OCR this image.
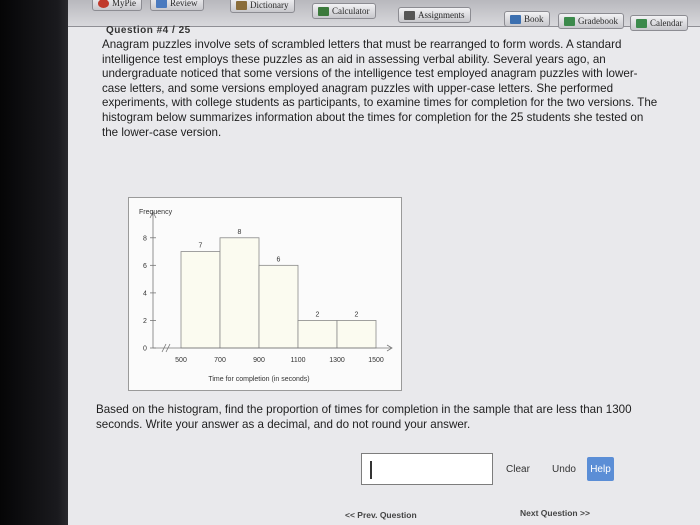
MyPie	Review	Dictionary
Calculator	Assignments	Book	Gradebook	Calendar
Question #4 / 25
Anagram puzzles involve sets of scrambled letters that must be rearranged to form words. A standard intelligence test employs these puzzles as an aid in assessing verbal ability. Several years ago, an undergraduate noticed that some versions of the intelligence test employed anagram puzzles with lower-case letters, and some versions employed anagram puzzles with upper-case letters. She performed experiments, with college students as participants, to examine times for completion for the two versions. The histogram below summarizes information about the times for completion for the 25 students she tested on the lower-case version.
7
8
6
2	2
0
2
4
6
8
500	700	900	1100	1300	1500
Frequency
Time for completion (in seconds)
Based on the histogram, find the proportion of times for completion in the sample that are less than 1300 seconds. Write your answer as a decimal, and do not round your answer.
Clear	Undo	Help
<< Prev. Question	Next Question >>
